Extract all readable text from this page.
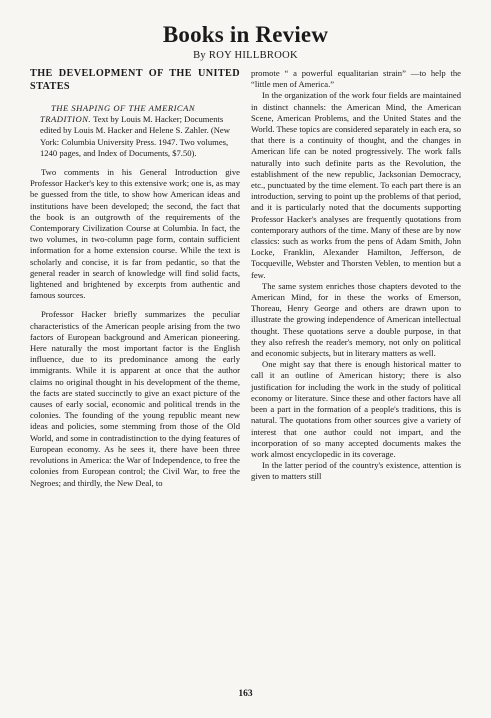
Books in Review
By ROY HILLBROOK
THE DEVELOPMENT OF THE UNITED STATES

THE SHAPING OF THE AMERICAN TRADITION. Text by Louis M. Hacker; Documents edited by Louis M. Hacker and Helene S. Zahler. (New York: Columbia University Press. 1947. Two volumes, 1240 pages, and Index of Documents, $7.50).

Two comments in his General Introduction give Professor Hacker's key to this extensive work; one is, as may be guessed from the title, to show how American ideas and institutions have been developed; the second, the fact that the book is an outgrowth of the requirements of the Contemporary Civilization Course at Columbia. In fact, the two volumes, in two-column page form, contain sufficient information for a home extension course. While the text is scholarly and concise, it is far from pedantic, so that the general reader in search of knowledge will find solid facts, lightened and brightened by excerpts from authentic and famous sources.

Professor Hacker briefly summarizes the peculiar characteristics of the American people arising from the two factors of European background and American pioneering. Here naturally the most important factor is the English influence, due to its predominance among the early immigrants. While it is apparent at once that the author claims no original thought in his development of the theme, the facts are stated succinctly to give an exact picture of the causes of early social, economic and political trends in the colonies. The founding of the young republic meant new ideas and policies, some stemming from those of the Old World, and some in contradistinction to the dying features of European economy. As he sees it, there have been three revolutions in America: the War of Independence, to free the colonies from European control; the Civil War, to free the Negroes; and thirdly, the New Deal, to

promote “ a powerful equalitarian strain” —to help the “little men of America.”

In the organization of the work four fields are maintained in distinct channels: the American Mind, the American Scene, American Problems, and the United States and the World. These topics are considered separately in each era, so that there is a continuity of thought, and the changes in American life can be noted progressively. The work falls naturally into such definite parts as the Revolution, the establishment of the new republic, Jacksonian Democracy, etc., punctuated by the time element. To each part there is an introduction, serving to point up the problems of that period, and it is particularly noted that the documents supporting Professor Hacker's analyses are frequently quotations from contemporary authors of the time. Many of these are by now classics: such as works from the pens of Adam Smith, John Locke, Franklin, Alexander Hamilton, Jefferson, de Tocqueville, Webster and Thorsten Veblen, to mention but a few.

The same system enriches those chapters devoted to the American Mind, for in these the works of Emerson, Thoreau, Henry George and others are drawn upon to illustrate the growing independence of American intellectual thought. These quotations serve a double purpose, in that they also refresh the reader's memory, not only on political and economic subjects, but in literary matters as well.

One might say that there is enough historical matter to call it an outline of American history; there is also justification for including the work in the study of political economy or literature. Since these and other factors have all been a part in the formation of a people's traditions, this is natural. The quotations from other sources give a variety of interest that one author could not impart, and the incorporation of so many accepted documents makes the work almost encyclopedic in its coverage.

In the latter period of the country's existence, attention is given to matters still

163
